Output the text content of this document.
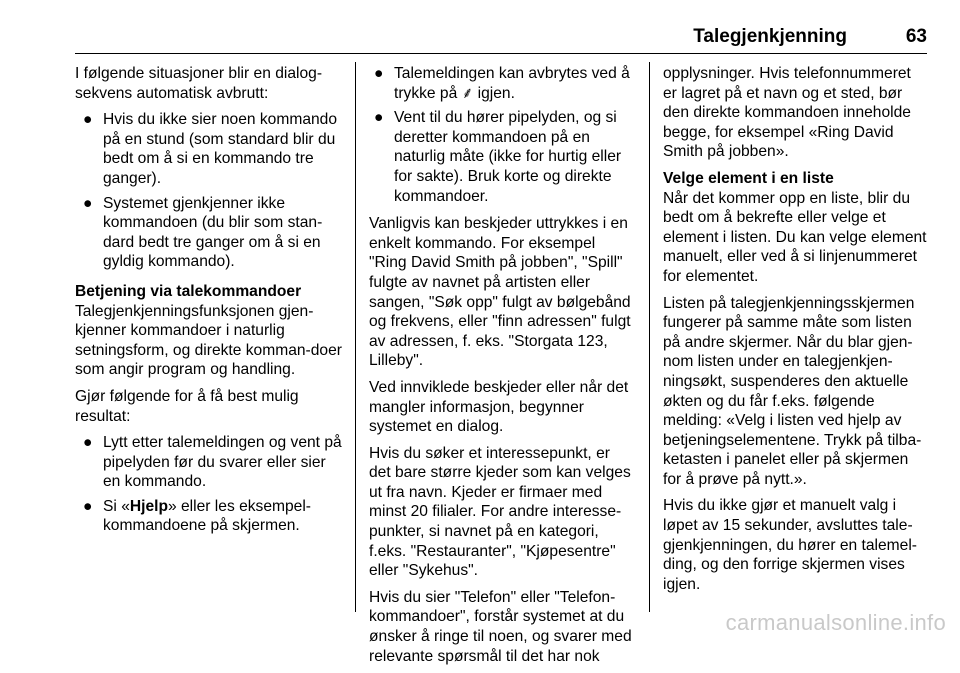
Talegjenkjenning	63

I følgende situasjoner blir en dialog-sekvens automatisk avbrutt:

● Hvis du ikke sier noen kommando på en stund (som standard blir du bedt om å si en kommando tre ganger).
● Systemet gjenkjenner ikke kommandoen (du blir som stan-dard bedt tre ganger om å si en gyldig kommando).

Betjening via talekommandoer

Talegjenkjenningsfunksjonen gjen-kjenner kommandoer i naturlig setningsform, og direkte komman-doer som angir program og handling.

Gjør følgende for å få best mulig resultat:

● Lytt etter talemeldingen og vent på pipelyden før du svarer eller sier en kommando.
● Si «Hjelp» eller les eksempel-kommandoene på skjermen.
● Talemeldingen kan avbrytes ved å trykke på ⸙ igjen.
● Vent til du hører pipelyden, og si deretter kommandoen på en naturlig måte (ikke for hurtig eller for sakte). Bruk korte og direkte kommandoer.

Vanligvis kan beskjeder uttrykkes i en enkelt kommando. For eksempel "Ring David Smith på jobben", "Spill" fulgte av navnet på artisten eller sangen, "Søk opp" fulgt av bølgebånd og frekvens, eller "finn adressen" fulgt av adressen, f. eks. "Storgata 123, Lilleby".

Ved innviklede beskjeder eller når det mangler informasjon, begynner systemet en dialog.

Hvis du søker et interessepunkt, er det bare større kjeder som kan velges ut fra navn. Kjeder er firmaer med minst 20 filialer. For andre interesse-punkter, si navnet på en kategori, f.eks. "Restauranter", "Kjøpesentre" eller "Sykehus".

Hvis du sier "Telefon" eller "Telefon-kommandoer", forstår systemet at du ønsker å ringe til noen, og svarer med relevante spørsmål til det har nok

opplysninger. Hvis telefonnummeret er lagret på et navn og et sted, bør den direkte kommandoen inneholde begge, for eksempel «Ring David Smith på jobben».

Velge element i en liste

Når det kommer opp en liste, blir du bedt om å bekrefte eller velge et element i listen. Du kan velge element manuelt, eller ved å si linjenummeret for elementet.

Listen på talegjenkjenningsskjermen fungerer på samme måte som listen på andre skjermer. Når du blar gjen-nom listen under en talegjenkjen-ningsøkt, suspenderes den aktuelle økten og du får f.eks. følgende melding: «Velg i listen ved hjelp av betjeningselementene. Trykk på tilba-ketasten i panelet eller på skjermen for å prøve på nytt.».

Hvis du ikke gjør et manuelt valg i løpet av 15 sekunder, avsluttes tale-gjenkjenningen, du hører en talemel-ding, og den forrige skjermen vises igjen.

carmanualsonline.info
